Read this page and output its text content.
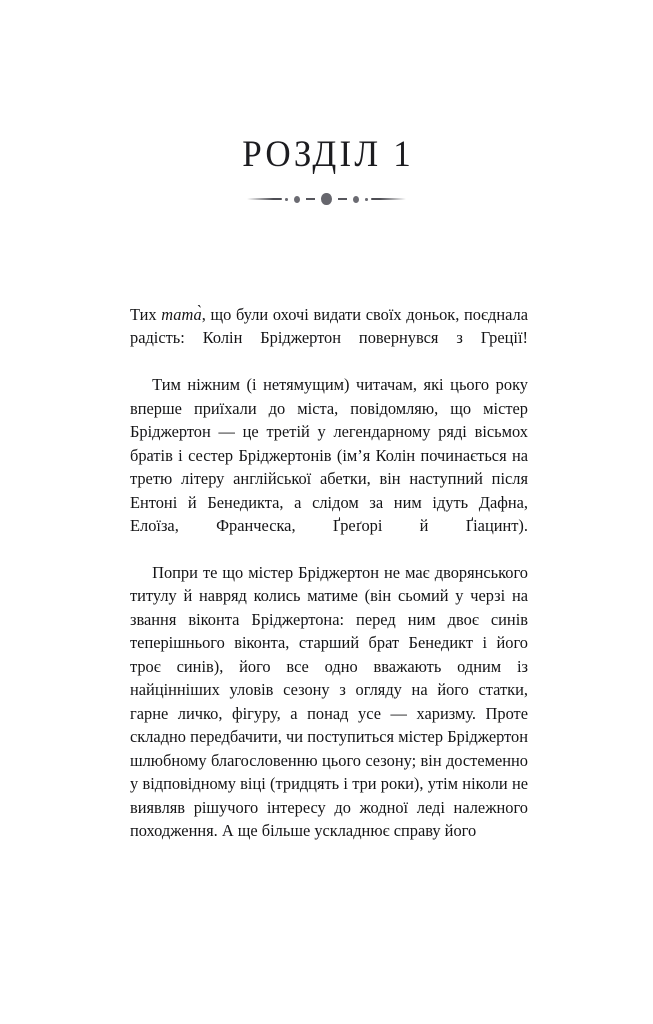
РОЗДІЛ 1

Тих тата̀, що були охочі видати своїх доньок, поєднала радість: Колін Бріджертон повернувся з Греції!

Тим ніжним (і нетямущим) читачам, які цього року вперше приїхали до міста, повідомляю, що містер Бріджертон — це третій у легендарному ряді вісьмох братів і сестер Бріджертонів (ім’я Колін починається на третю літеру англійської абетки, він наступний після Ентоні й Бенедикта, а слідом за ним ідуть Дафна, Елоїза, Франческа, Ґреґорі й Ґіацинт).

Попри те що містер Бріджертон не має дворянського титулу й навряд колись матиме (він сьомий у черзі на звання віконта Бріджертона: перед ним двоє синів теперішнього віконта, старший брат Бенедикт і його троє синів), його все одно вважають одним із найцінніших уловів сезону з огляду на його статки, гарне личко, фігуру, а понад усе — харизму. Проте складно передбачити, чи поступиться містер Бріджертон шлюбному благословенню цього сезону; він достеменно у відповідному віці (тридцять і три роки), утім ніколи не виявляв рішучого інтересу до жодної леді належного походження. А ще більше ускладнює справу його
